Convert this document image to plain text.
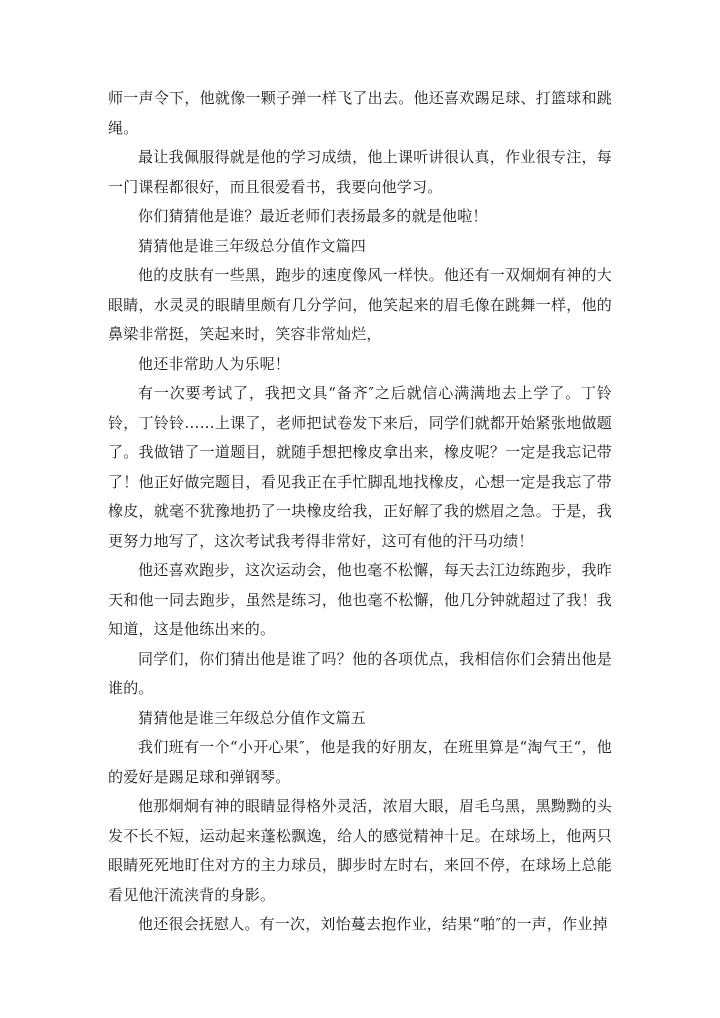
师一声令下，他就像一颗子弹一样飞了出去。他还喜欢踢足球、打篮球和跳绳。

最让我佩服得就是他的学习成绩，他上课听讲很认真，作业很专注，每一门课程都很好，而且很爱看书，我要向他学习。

你们猜猜他是谁？最近老师们表扬最多的就是他啦！

猜猜他是谁三年级总分值作文篇四

他的皮肤有一些黑，跑步的速度像风一样快。他还有一双炯炯有神的大眼睛，水灵灵的眼睛里颇有几分学问，他笑起来的眉毛像在跳舞一样，他的鼻梁非常挺，笑起来时，笑容非常灿烂，

他还非常助人为乐呢！

有一次要考试了，我把文具“备齐″之后就信心满满地去上学了。丁铃铃，丁铃铃……上课了，老师把试卷发下来后，同学们就都开始紧张地做题了。我做错了一道题目，就随手想把橡皮拿出来，橡皮呢？一定是我忘记带了！他正好做完题目，看见我正在手忙脚乱地找橡皮，心想一定是我忘了带橡皮，就毫不犹豫地扔了一块橡皮给我，正好解了我的燃眉之急。于是，我更努力地写了，这次考试我考得非常好，这可有他的汗马功绩！

他还喜欢跑步，这次运动会，他也毫不松懈，每天去江边练跑步，我昨天和他一同去跑步，虽然是练习，他也毫不松懈，他几分钟就超过了我！我知道，这是他练出来的。

同学们，你们猜出他是谁了吗？他的各项优点，我相信你们会猜出他是谁的。

猜猜他是谁三年级总分值作文篇五

我们班有一个“小开心果″，他是我的好朋友，在班里算是“淘气王“，他的爱好是踢足球和弹钢琴。

他那炯炯有神的眼睛显得格外灵活，浓眉大眼，眉毛乌黑，黑黝黝的头发不长不短，运动起来蓬松飘逸，给人的感觉精神十足。在球场上，他两只眼睛死死地盯住对方的主力球员，脚步时左时右，来回不停，在球场上总能看见他汗流浃背的身影。

他还很会抚慰人。有一次，刘怡蔓去抱作业，结果“啪″的一声，作业掉
